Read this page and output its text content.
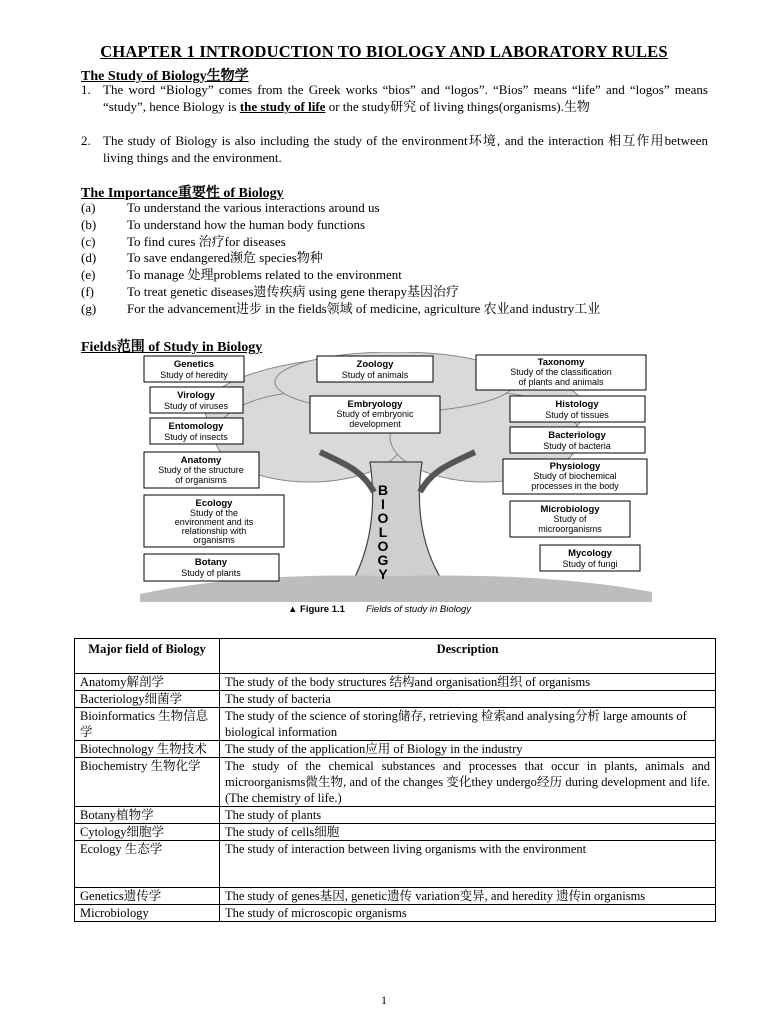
CHAPTER 1 INTRODUCTION TO BIOLOGY AND LABORATORY RULES
The Study of Biology生物学
1. The word “Biology” comes from the Greek works “bios” and “logos”. “Bios” means “life” and “logos” means “study”, hence Biology is the study of life or the study研究 of living things(organisms).生物
2. The study of Biology is also including the study of the environment环境, and the interaction 相互作用between living things and the environment.
The Importance重要性 of Biology
(a)	To understand the various interactions around us
(b)	To understand how the human body functions
(c)	To find cures 治疗for diseases
(d)	To save endangered濒危 species物种
(e)	To manage 处理problems related to the environment
(f)	To treat genetic diseases遗传疾病 using gene therapy基因治疗
(g)	For the advancement进步 in the fields领域 of medicine, agriculture 农业and industry工业
Fields范围 of Study in Biology
B
I
O
L
O
G
Y
Genetics
Study of heredity
Virology
Study of viruses
Entomology
Study of insects
Anatomy
Study of the structure
of organisms
Ecology
Study of the
environment and its
relationship with
organisms
Botany
Study of plants
Zoology
Study of animals
Embryology
Study of embryonic
development
Taxonomy
Study of the classification
of plants and animals
Histology
Study of tissues
Bacteriology
Study of bacteria
Physiology
Study of biochemical
processes in the body
Microbiology
Study of
microorganisms
Mycology
Study of fungi
▲ Figure 1.1 Fields of study in Biology
Major field of Biology	Description
Anatomy解剖学	The study of the body structures 结构and organisation组织 of organisms
Bacteriology细菌学	The study of bacteria
Bioinformatics 生物信息学	The study of the science of storing储存, retrieving 检索and analysing分析 large amounts of biological information
Biotechnology 生物技术	The study of the application应用 of Biology in the industry
Biochemistry 生物化学	The study of the chemical substances and processes that occur in plants, animals and microorganisms微生物, and of the changes 变化they undergo经历 during development and life. (The chemistry of life.)
Botany植物学	The study of plants
Cytology细胞学	The study of cells细胞
Ecology 生态学	The study of interaction between living organisms with the environment
Genetics遗传学	The study of genes基因, genetic遗传 variation变异, and heredity 遗传in organisms
Microbiology	The study of microscopic organisms
1
